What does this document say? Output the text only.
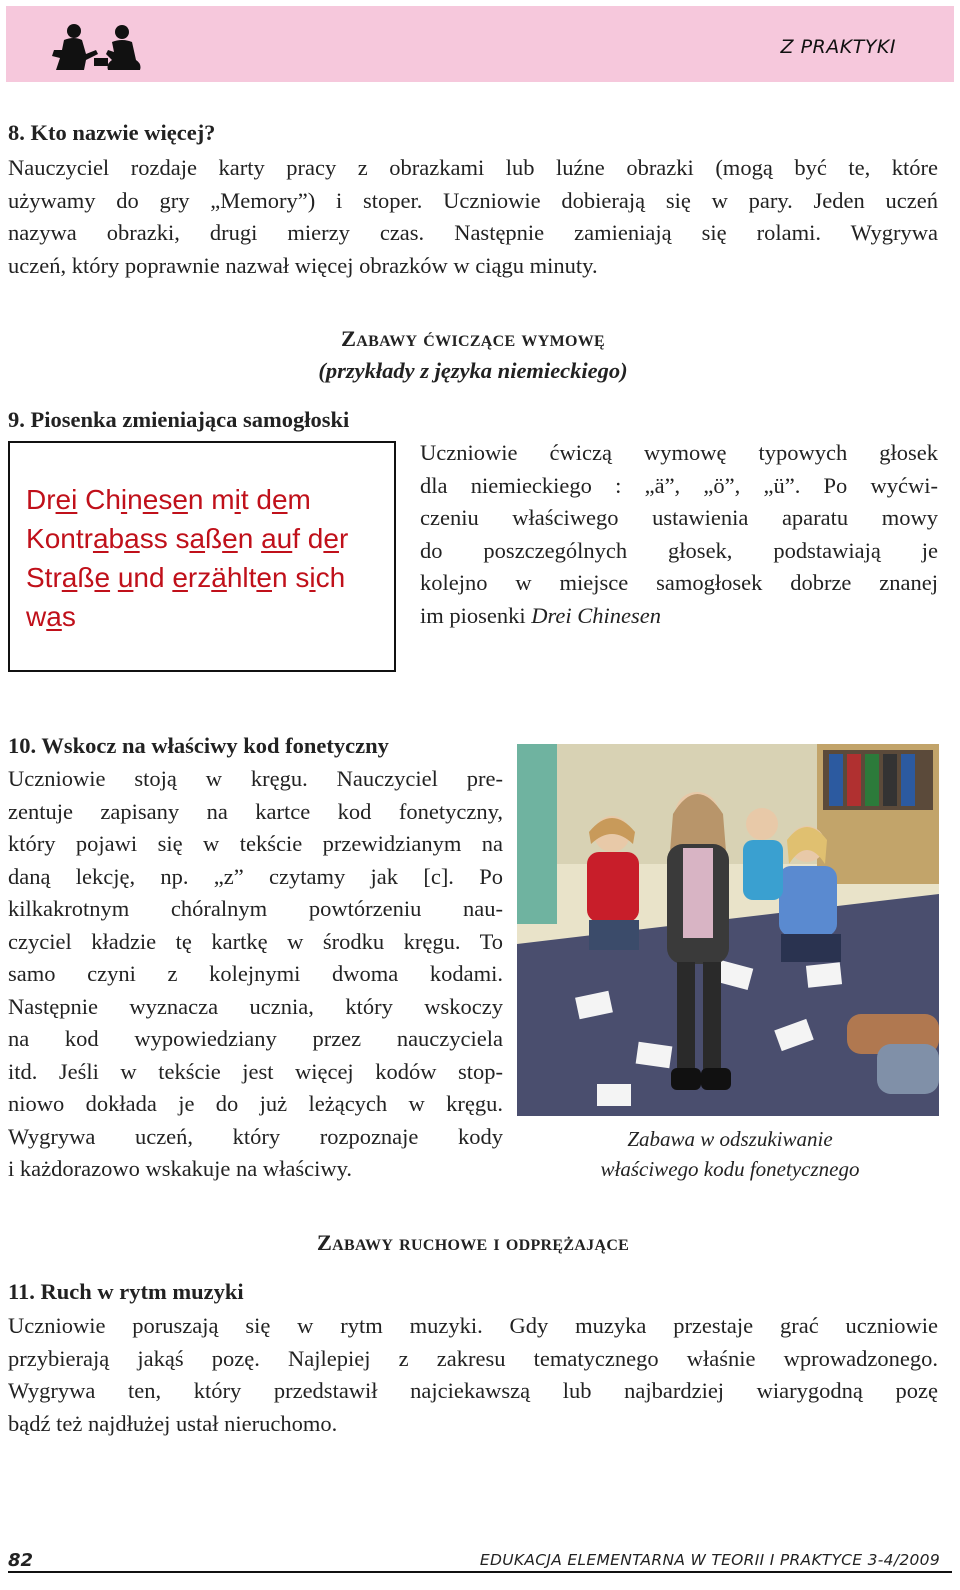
Z PRAKTYKI
8. Kto nazwie więcej?
Nauczyciel rozdaje karty pracy z obrazkami lub luźne obrazki (mogą być te, które
używamy do gry „Memory”) i stoper. Uczniowie dobierają się w pary. Jeden uczeń
nazywa obrazki, drugi mierzy czas. Następnie zamieniają się rolami. Wygrywa
uczeń, który poprawnie nazwał więcej obrazków w ciągu minuty.
Zabawy ćwiczące wymowę
(przykłady z języka niemieckiego)
9. Piosenka zmieniająca samogłoski
Drei Chinesen mit dem
Kontrabass saßen auf der
Straße und erzählten sich
was
Uczniowie ćwiczą wymowę typowych głosek
dla niemieckiego : „ä”, „ö”, „ü”. Po wyćwi-
czeniu właściwego ustawienia aparatu mowy
do poszczególnych głosek, podstawiają je
kolejno w miejsce samogłosek dobrze znanej
im piosenki Drei Chinesen
10. Wskocz na właściwy kod fonetyczny
Uczniowie stoją w kręgu. Nauczyciel pre-
zentuje zapisany na kartce kod fonetyczny,
który pojawi się w tekście przewidzianym na
daną lekcję, np. „z” czytamy jak [c]. Po
kilkakrotnym chóralnym powtórzeniu nau-
czyciel kładzie tę kartkę w środku kręgu. To
samo czyni z kolejnymi dwoma kodami.
Następnie wyznacza ucznia, który wskoczy
na kod wypowiedziany przez nauczyciela
itd. Jeśli w tekście jest więcej kodów stop-
niowo dokłada je do już leżących w kręgu.
Wygrywa uczeń, który rozpoznaje kody
i każdorazowo wskakuje na właściwy.
Zabawa w odszukiwanie
właściwego kodu fonetycznego
Zabawy ruchowe i odprężające
11. Ruch w rytm muzyki
Uczniowie poruszają się w rytm muzyki. Gdy muzyka przestaje grać uczniowie
przybierają jakąś pozę. Najlepiej z zakresu tematycznego właśnie wprowadzonego.
Wygrywa ten, który przedstawił najciekawszą lub najbardziej wiarygodną pozę
bądź też najdłużej ustał nieruchomo.
82	EDUKACJA ELEMENTARNA W TEORII I PRAKTYCE 3-4/2009
